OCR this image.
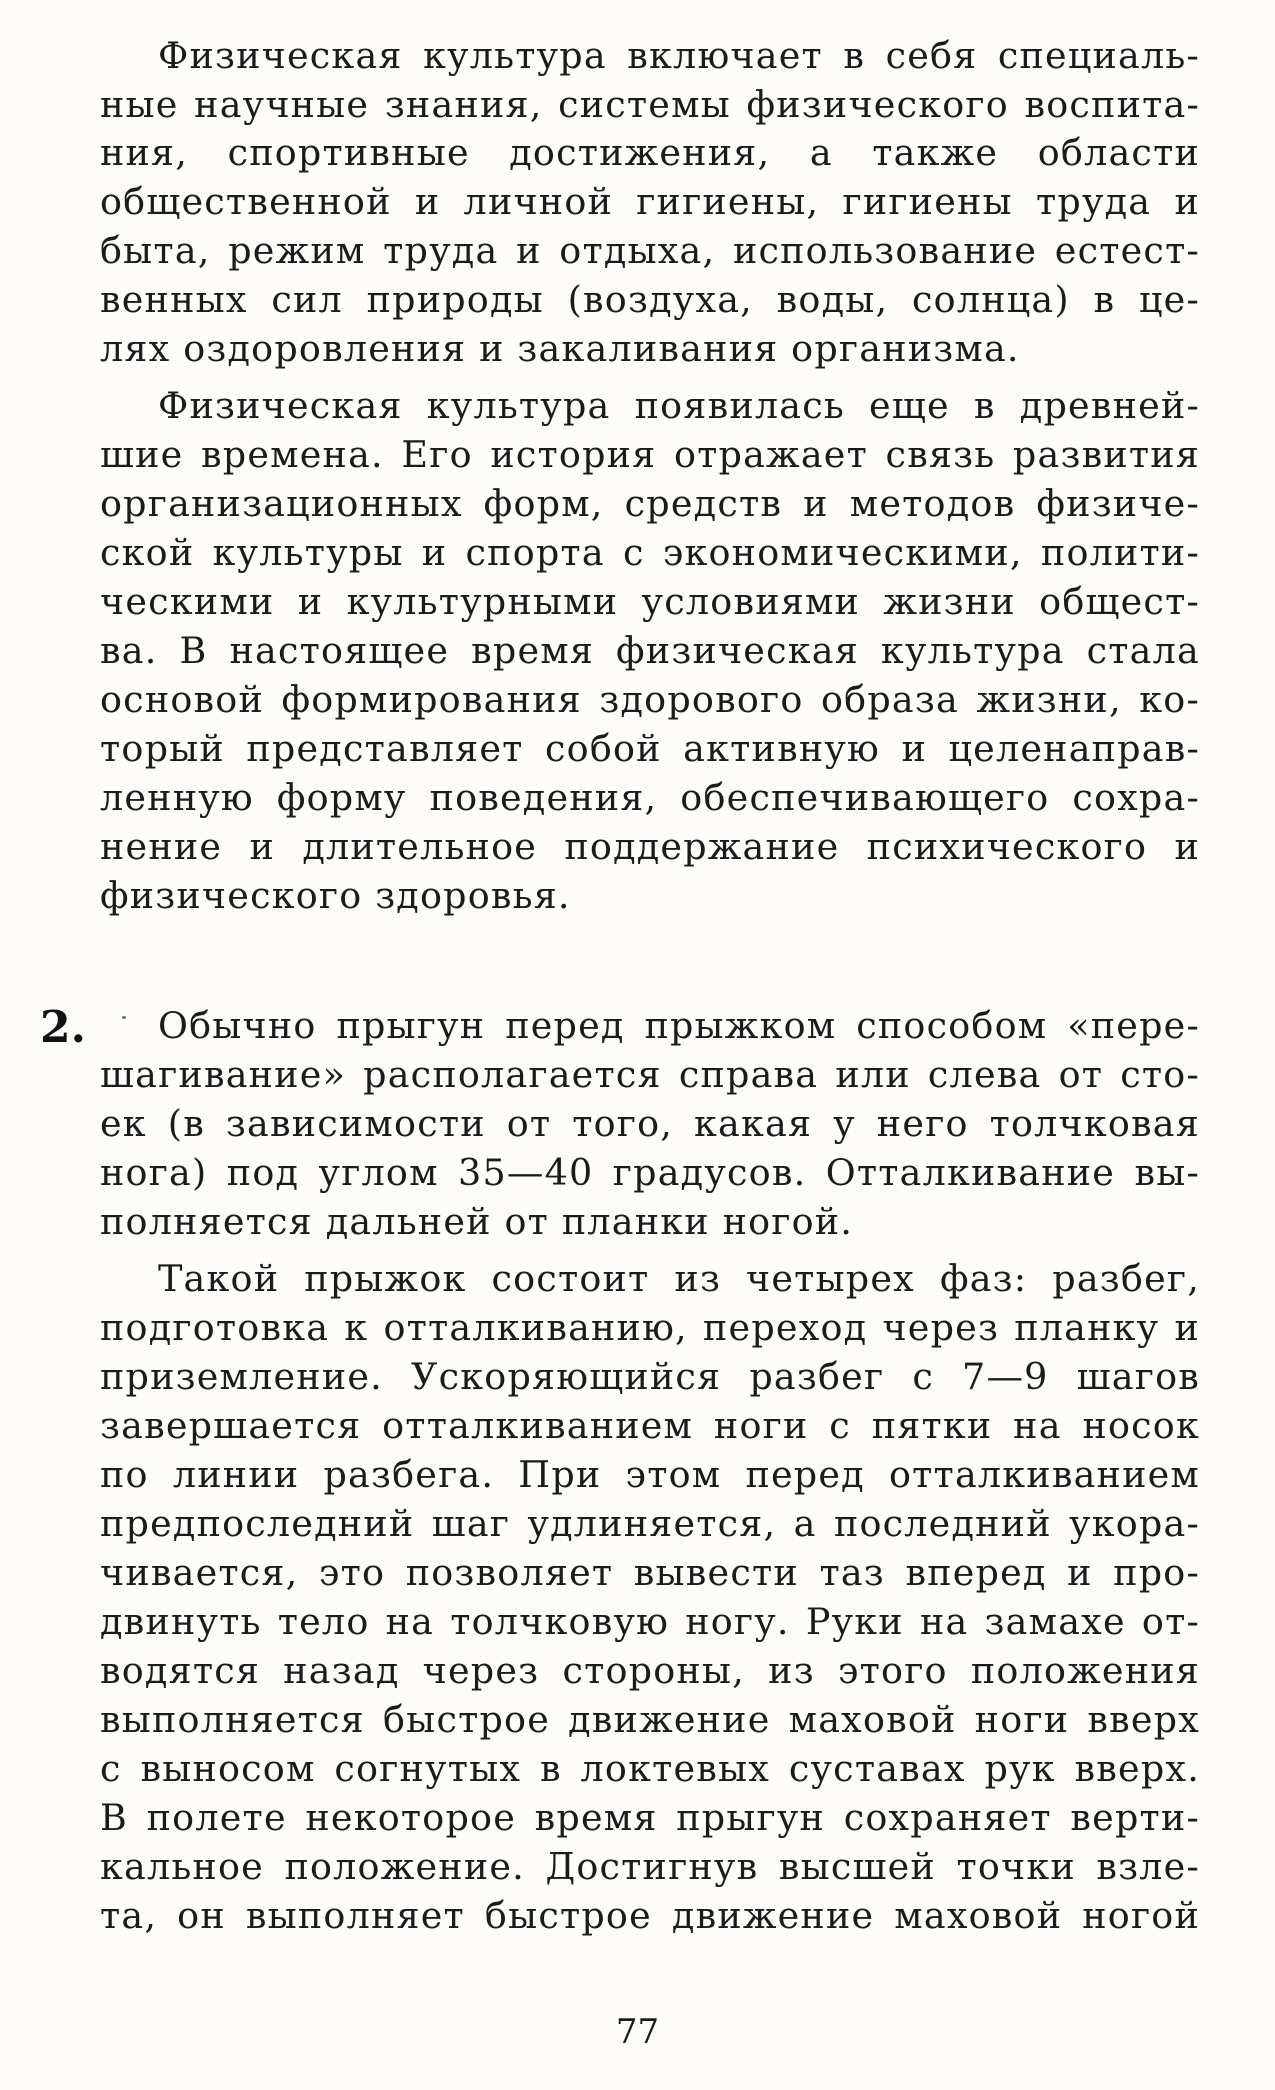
Физическая культура включает в себя специаль-
ные научные знания, системы физического воспита-
ния, спортивные достижения, а также области
общественной и личной гигиены, гигиены труда и
быта, режим труда и отдыха, использование естест-
венных сил природы (воздуха, воды, солнца) в це-
лях оздоровления и закаливания организма.
Физическая культура появилась еще в древней-
шие времена. Его история отражает связь развития
организационных форм, средств и методов физиче-
ской культуры и спорта с экономическими, полити-
ческими и культурными условиями жизни общест-
ва. В настоящее время физическая культура стала
основой формирования здорового образа жизни, ко-
торый представляет собой активную и целенаправ-
ленную форму поведения, обеспечивающего сохра-
нение и длительное поддержание психического и
физического здоровья.
2. Обычно прыгун перед прыжком способом «пере-
шагивание» располагается справа или слева от сто-
ек (в зависимости от того, какая у него толчковая
нога) под углом 35—40 градусов. Отталкивание вы-
полняется дальней от планки ногой.
Такой прыжок состоит из четырех фаз: разбег,
подготовка к отталкиванию, переход через планку и
приземление. Ускоряющийся разбег с 7—9 шагов
завершается отталкиванием ноги с пятки на носок
по линии разбега. При этом перед отталкиванием
предпоследний шаг удлиняется, а последний укора-
чивается, это позволяет вывести таз вперед и про-
двинуть тело на толчковую ногу. Руки на замахе от-
водятся назад через стороны, из этого положения
выполняется быстрое движение маховой ноги вверх
с выносом согнутых в локтевых суставах рук вверх.
В полете некоторое время прыгун сохраняет верти-
кальное положение. Достигнув высшей точки взле-
та, он выполняет быстрое движение маховой ногой
77
